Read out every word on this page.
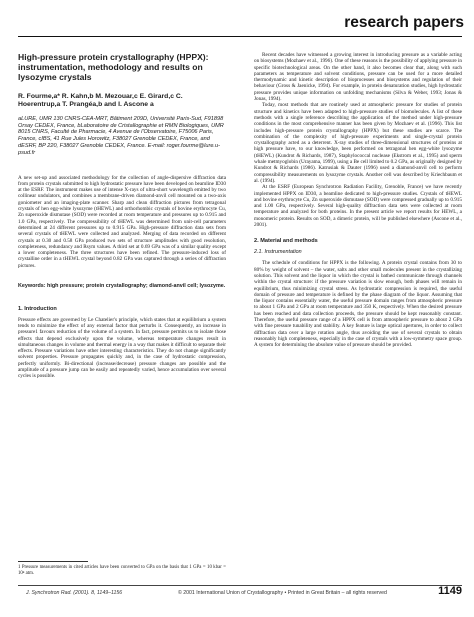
research papers

High-pressure protein crystallography (HPPX): instrumentation, methodology and results on lysozyme crystals

R. Fourme,a* R. Kahn,b M. Mezouar,c E. Girard,c C. Hoerentrup,a T. Prangéa,b and I. Ascone a

aLURE, UMR 130 CNRS-CEA-MRT, Bâtiment 209D, Université Paris-Sud, F91898 Orsay CEDEX, France, bLaboratoire de Cristallographie et RMN Biologiques, UMR 8015 CNRS, Faculté de Pharmacie, 4 Avenue de l'Observatoire, F75006 Paris, France, cIBS, 41 Rue Jules Horowitz, F38027 Grenoble CEDEX, France, and dESRF, BP 220, F38027 Grenoble CEDEX, France. E-mail: roger.fourme@lure.u-psud.fr

A new set-up and associated methodology for the collection of angle-dispersive diffraction data from protein crystals submitted to high hydrostatic pressure have been developed on beamline ID30 at the ESRF. The instrument makes use of intense X-rays of ultra-short wavelength emitted by two collinear undulators, and combines a membrane-driven diamond-anvil cell mounted on a two-axis goniometer and an imaging-plate scanner. Sharp and clean diffraction pictures from tetragonal crystals of hen egg-white lysozyme (tHEWL) and orthorhombic crystals of bovine erythrocyte Cu, Zn superoxide dismutase (SOD) were recorded at room temperature and pressures up to 0.915 and 1.0 GPa, respectively. The compressibility of tHEWL was determined from unit-cell parameters determined at 24 different pressures up to 0.915 GPa. High-pressure diffraction data sets from several crystals of tHEWL were collected and analyzed. Merging of data recorded on different crystals at 0.30 and 0.58 GPa produced two sets of structure amplitudes with good resolution, completeness, redundancy and Rsym values. A third set at 0.69 GPa was of a similar quality except a lower completeness. The three structures have been refined. The pressure-induced loss of crystalline order in a tHEWL crystal beyond 0.82 GPa was captured through a series of diffraction pictures.

Keywords: high pressure; protein crystallography; diamond-anvil cell; lysozyme.

1. Introduction

Pressure effects are governed by Le Chatelier's principle, which states that at equilibrium a system tends to minimize the effect of any external factor that perturbs it. Consequently, an increase in pressure1 favours reduction of the volume of a system. In fact, pressure permits us to isolate those effects that depend exclusively upon the volume, whereas temperature changes result in simultaneous changes in volume and thermal energy in a way that makes it difficult to separate their effects. Pressure variations have other interesting characteristics. They do not change significantly solvent properties. Pressure propagates quickly and, in the case of hydrostatic compression, perfectly uniformly. Bi-directional (increase/decrease) pressure changes are possible and the amplitude of a pressure jump can be easily and repeatedly varied, hence accumulation over several cycles is possible.

1 Pressure measurements in cited articles have been converted to GPa on the basis that 1 GPa = 10 kbar = 10⁴ atm.

Recent decades have witnessed a growing interest in introducing pressure as a variable acting on biosystems (Mozhaev et al., 1996). One of these reasons is the possibility of applying pressure in specific biotechnological areas. On the other hand, it also becomes clear that, along with such parameters as temperature and solvent conditions, pressure can be used for a more detailed thermodynamic and kinetic description of bioprocesses and biosystems and regulation of their behaviour (Gross & Jaenicke, 1994). For example, in protein denaturation studies, high hydrostatic pressure provides unique information on unfolding mechanisms (Silva & Weber, 1993; Jonas & Jonas, 1994).

Today, most methods that are routinely used at atmospheric pressure for studies of protein structure and kinetics have been adapted to high-pressure studies of biomolecules. A list of these methods with a single reference describing the application of the method under high-pressure conditions in the most comprehensive manner has been given by Mozhaev et al. (1996). This list includes high-pressure protein crystallography (HPPX) but these studies are scarce. The combination of the complexity of high-pressure experiments and single-crystal protein crystallography acted as a deterrent. X-ray studies of three-dimensional structures of proteins at high pressure have, to our knowledge, been performed on tetragonal hen egg-white lysozyme (tHEWL) (Kundrot & Richards, 1987), Staphylococcal nuclease (Ekstrom et al., 1995) and sperm whale metmyoglobin (Urayama, 1999), using a Be cell limited to 0.2 GPa, as originally designed by Kundrot & Richards (1986). Katrusiak & Dauter (1996) used a diamond-anvil cell to perform compressibility measurements on lysozyme crystals. Another cell was described by Kriechbaum et al. (1994).

At the ESRF (European Synchrotron Radiation Facility, Grenoble, France) we have recently implemented HPPX on ID30, a beamline dedicated to high-pressure studies. Crystals of tHEWL and bovine erythrocyte Cu, Zn superoxide dismutase (SOD) were compressed gradually up to 0.915 and 1.00 GPa, respectively. Several high-quality diffraction data sets were collected at room temperature and analyzed for both proteins. In the present article we report results for HEWL, a monomeric protein. Results on SOD, a dimeric protein, will be published elsewhere (Ascone et al., 2001).

2. Material and methods

2.1. Instrumentation

The schedule of conditions for HPPX is the following. A protein crystal contains from 30 to 80% by weight of solvent – the water, salts and other small molecules present in the crystallizing solution. This solvent and the liquor in which the crystal is bathed communicate through channels within the crystal structure: if the pressure variation is slow enough, both phases will remain in equilibrium, thus minimizing crystal stress. As hydrostatic compression is required, the useful domain of pressure and temperature is defined by the phase diagram of the liquor. Assuming that the liquor contains essentially water, the useful pressure domain ranges from atmospheric pressure to about 1 GPa and 2 GPa at room temperature and 350 K, respectively. When the desired pressure has been reached and data collection proceeds, the pressure should be kept reasonably constant. Therefore, the useful pressure range of a HPPX cell is from atmospheric pressure to about 2 GPa with fine pressure tunability and stability. A key feature is large optical apertures, in order to collect diffraction data over a large rotation angle, thus avoiding the use of several crystals to obtain reasonably high completeness, especially in the case of crystals with a low-symmetry space group. A system for determining the absolute value of pressure should be provided.

J. Synchrotron Rad. (2001). 8, 1149–1156	© 2001 International Union of Crystallography • Printed in Great Britain – all rights reserved	1149
